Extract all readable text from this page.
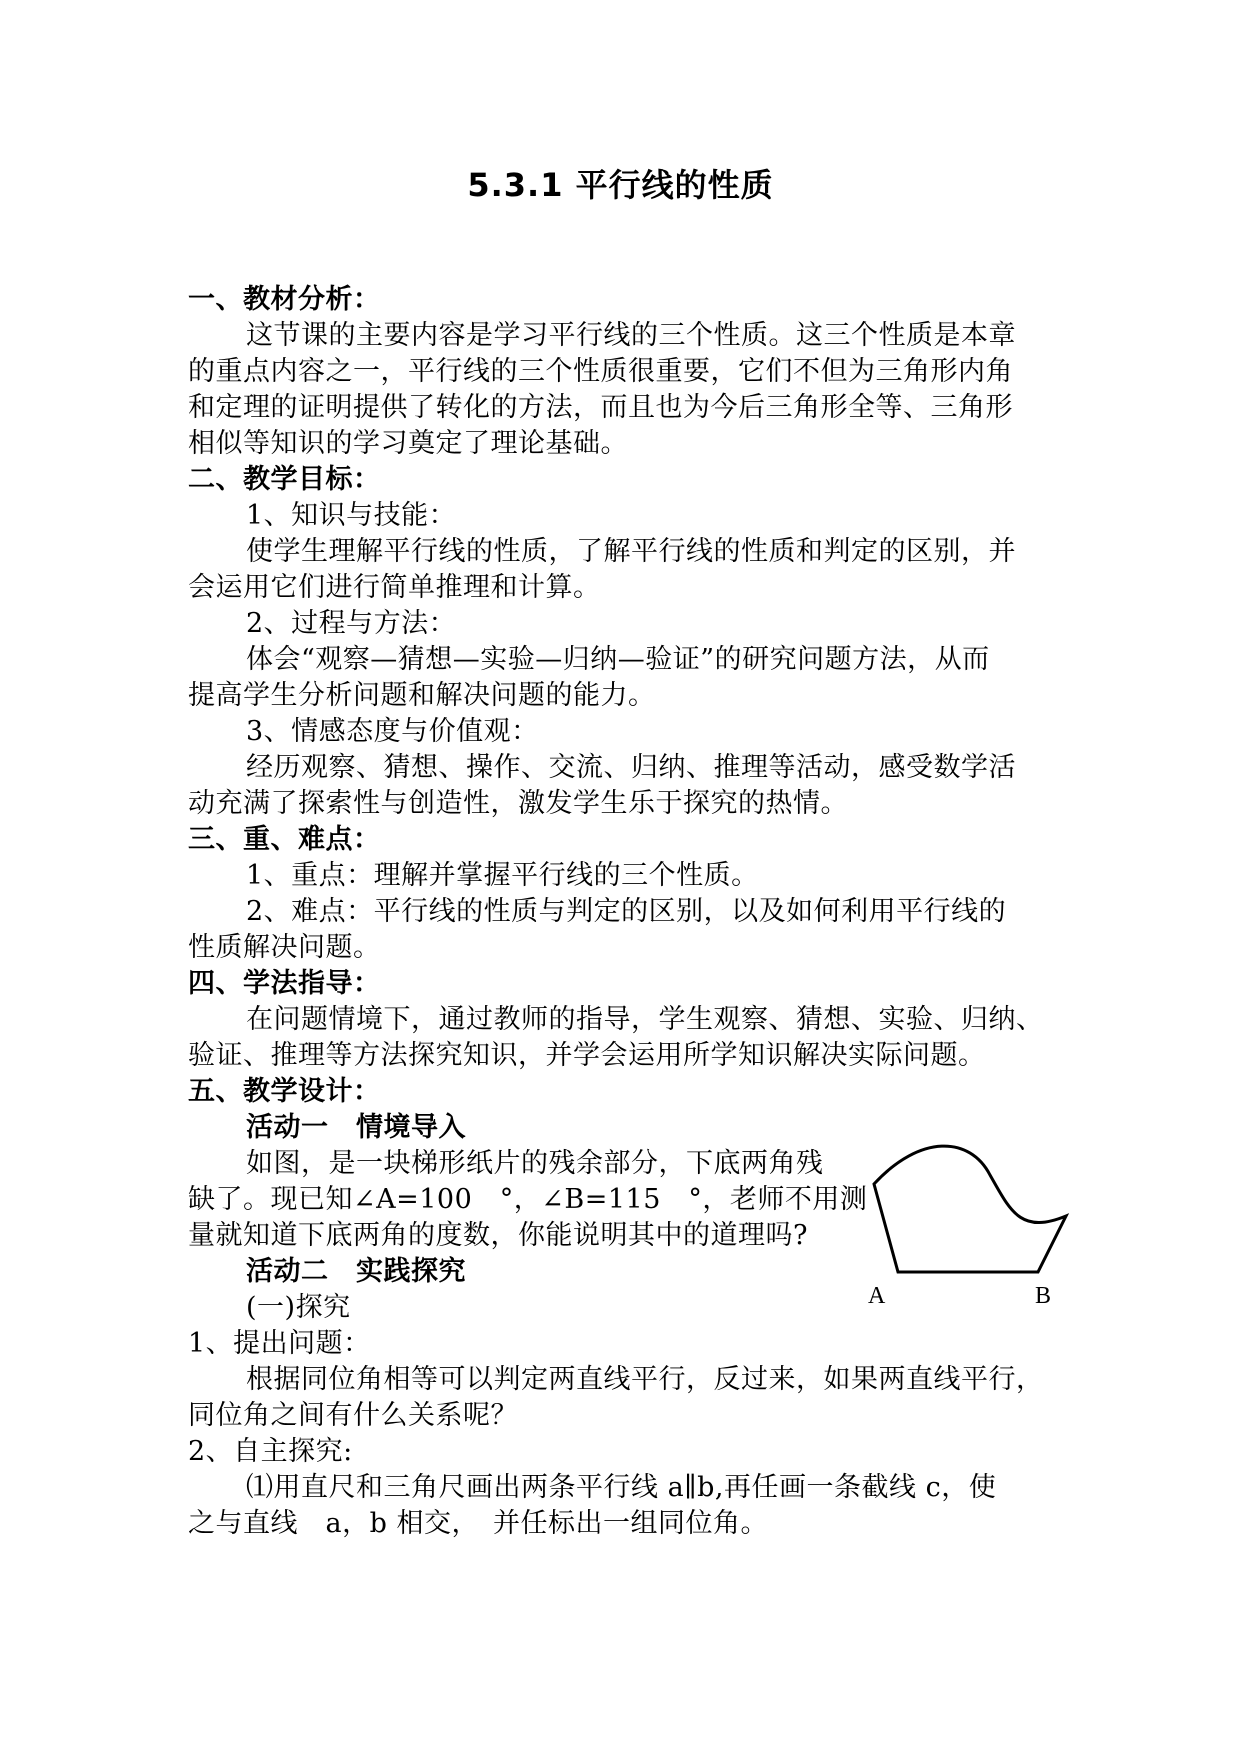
5.3.1 平行线的性质
一、教材分析：
这节课的主要内容是学习平行线的三个性质。这三个性质是本章
的重点内容之一，平行线的三个性质很重要，它们不但为三角形内角
和定理的证明提供了转化的方法，而且也为今后三角形全等、三角形
相似等知识的学习奠定了理论基础。
二、教学目标：
1、知识与技能：
使学生理解平行线的性质，了解平行线的性质和判定的区别，并
会运用它们进行简单推理和计算。
2、过程与方法：
体会“观察—猜想—实验—归纳—验证”的研究问题方法，从而
提高学生分析问题和解决问题的能力。
3、情感态度与价值观：
经历观察、猜想、操作、交流、归纳、推理等活动，感受数学活
动充满了探索性与创造性，激发学生乐于探究的热情。
三、重、难点：
1、重点：理解并掌握平行线的三个性质。
2、难点：平行线的性质与判定的区别，以及如何利用平行线的
性质解决问题。
四、学法指导：
在问题情境下，通过教师的指导，学生观察、猜想、实验、归纳、
验证、推理等方法探究知识，并学会运用所学知识解决实际问题。
五、教学设计：
活动一　情境导入
如图，是一块梯形纸片的残余部分，下底两角残
缺了。现已知∠A=100　°，∠B=115　°，老师不用测
量就知道下底两角的度数，你能说明其中的道理吗?
活动二　实践探究
(一)探究
1、提出问题：
根据同位角相等可以判定两直线平行，反过来，如果两直线平行，
同位角之间有什么关系呢？
2、自主探究:
⑴用直尺和三角尺画出两条平行线 a∥b,再任画一条截线 c，使
之与直线　a，b 相交，　并任标出一组同位角。
A	B
